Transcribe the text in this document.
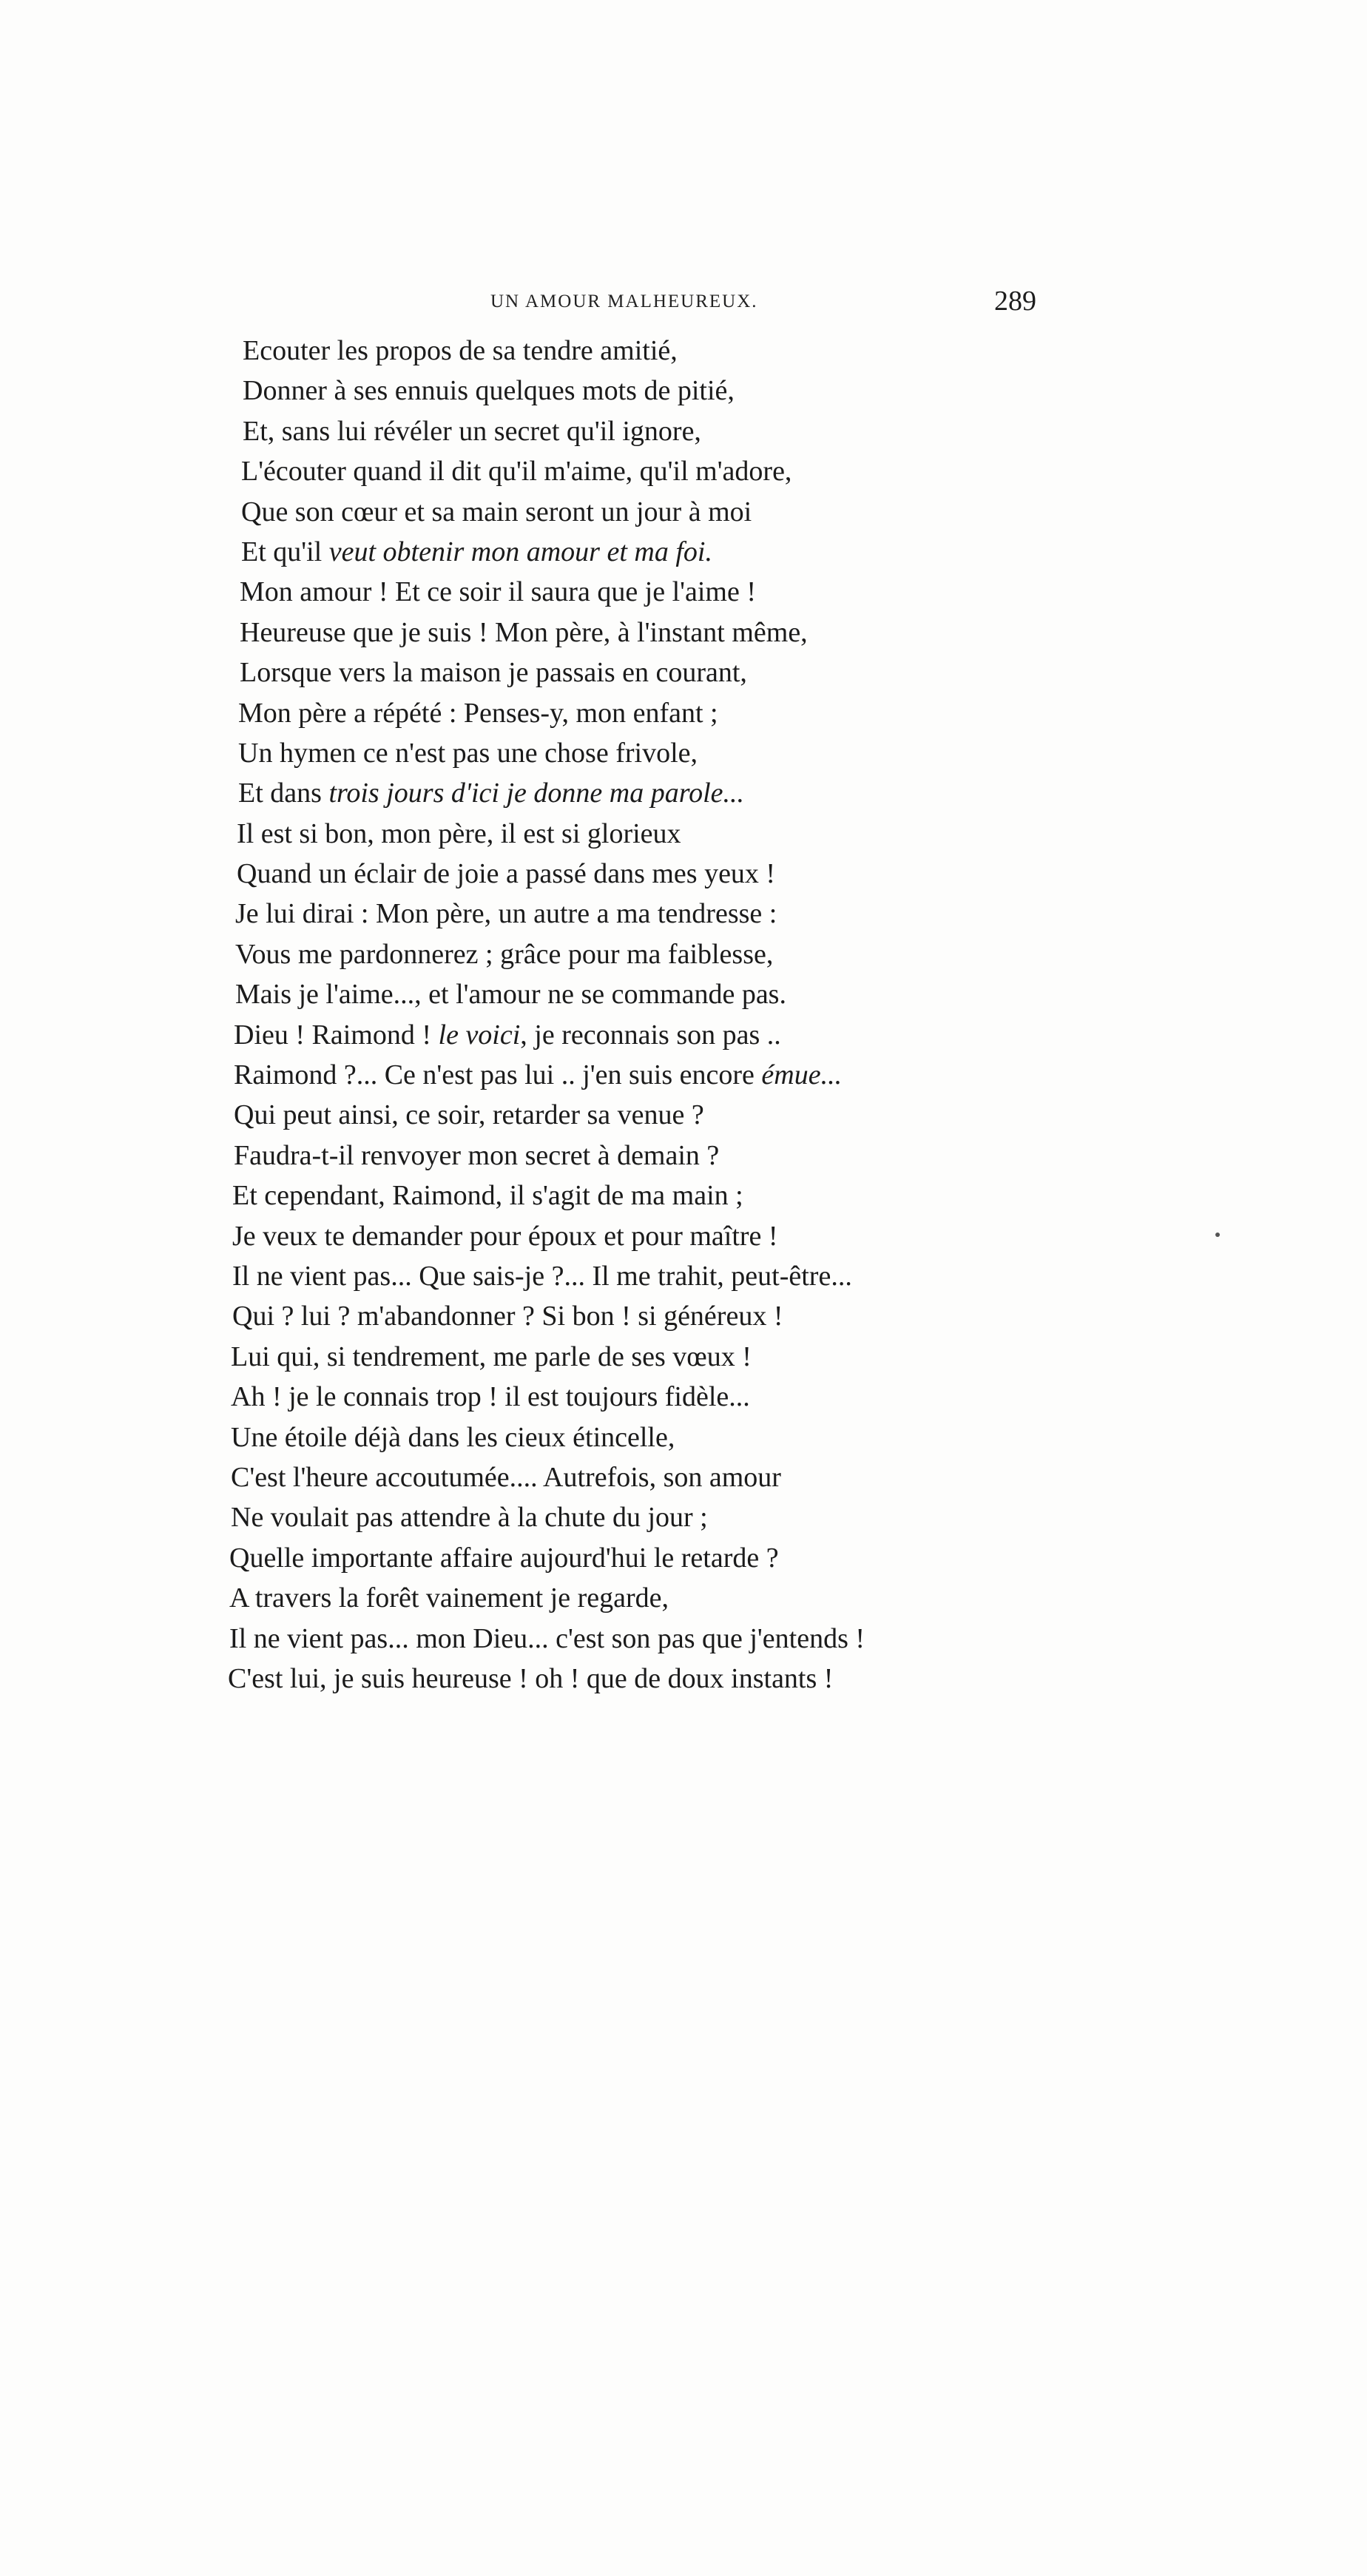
UN AMOUR MALHEUREUX.	289
Ecouter les propos de sa tendre amitié,
Donner à ses ennuis quelques mots de pitié,
Et, sans lui révéler un secret qu'il ignore,
L'écouter quand il dit qu'il m'aime, qu'il m'adore,
Que son cœur et sa main seront un jour à moi
Et qu'il veut obtenir mon amour et ma foi.
Mon amour ! Et ce soir il saura que je l'aime !
Heureuse que je suis ! Mon père, à l'instant même,
Lorsque vers la maison je passais en courant,
Mon père a répété : Penses-y, mon enfant ;
Un hymen ce n'est pas une chose frivole,
Et dans trois jours d'ici je donne ma parole...
Il est si bon, mon père, il est si glorieux
Quand un éclair de joie a passé dans mes yeux !
Je lui dirai : Mon père, un autre a ma tendresse :
Vous me pardonnerez ; grâce pour ma faiblesse,
Mais je l'aime..., et l'amour ne se commande pas.
Dieu ! Raimond ! le voici, je reconnais son pas ..
Raimond ?... Ce n'est pas lui .. j'en suis encore émue...
Qui peut ainsi, ce soir, retarder sa venue ?
Faudra-t-il renvoyer mon secret à demain ?
Et cependant, Raimond, il s'agit de ma main ;
Je veux te demander pour époux et pour maître !
Il ne vient pas... Que sais-je ?... Il me trahit, peut-être...
Qui ? lui ? m'abandonner ? Si bon ! si généreux !
Lui qui, si tendrement, me parle de ses vœux !
Ah ! je le connais trop ! il est toujours fidèle...
Une étoile déjà dans les cieux étincelle,
C'est l'heure accoutumée.... Autrefois, son amour
Ne voulait pas attendre à la chute du jour ;
Quelle importante affaire aujourd'hui le retarde ?
A travers la forêt vainement je regarde,
Il ne vient pas... mon Dieu... c'est son pas que j'entends !
C'est lui, je suis heureuse ! oh ! que de doux instants !
